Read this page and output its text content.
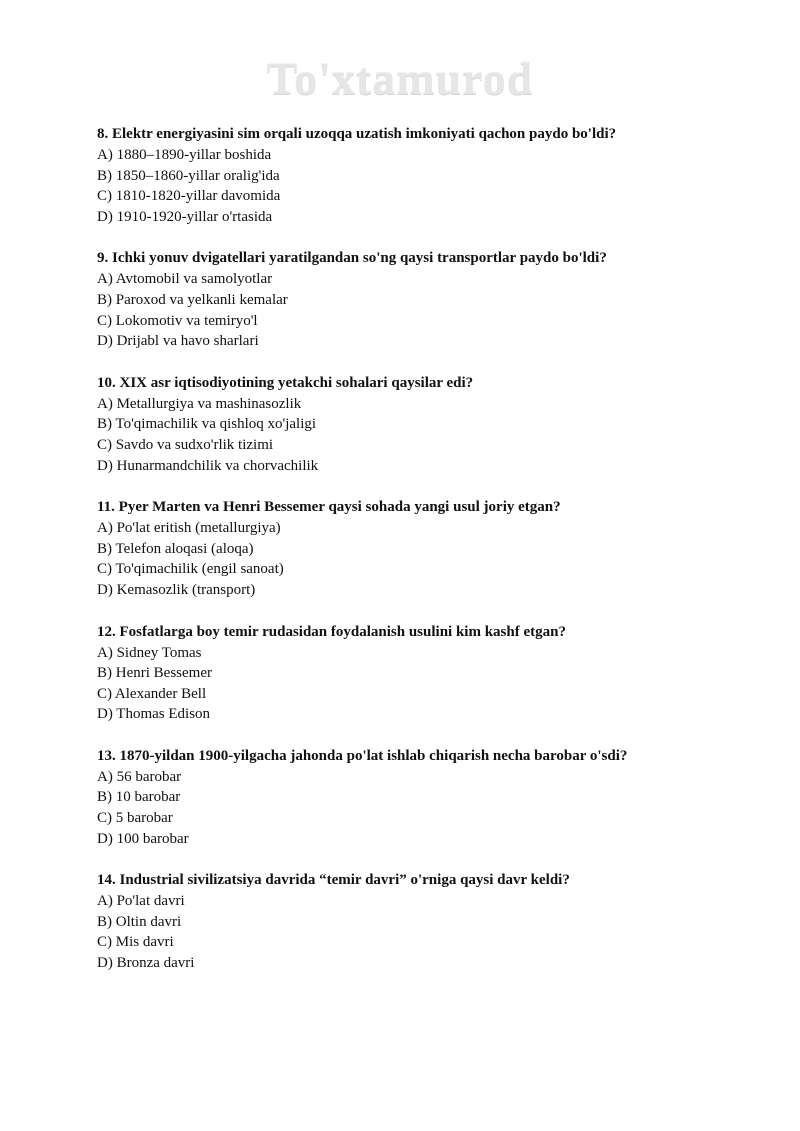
To'xtamurod
8. Elektr energiyasini sim orqali uzoqqa uzatish imkoniyati qachon paydo bo'ldi?
A) 1880–1890-yillar boshida
B) 1850–1860-yillar oralig'ida
C) 1810-1820-yillar davomida
D) 1910-1920-yillar o'rtasida
9. Ichki yonuv dvigatellari yaratilgandan so'ng qaysi transportlar paydo bo'ldi?
A) Avtomobil va samolyotlar
B) Paroxod va yelkanli kemalar
C) Lokomotiv va temiryo'l
D) Drijabl va havo sharlari
10. XIX asr iqtisodiyotining yetakchi sohalari qaysilar edi?
A) Metallurgiya va mashinasozlik
B) To'qimachilik va qishloq xo'jaligi
C) Savdo va sudxo'rlik tizimi
D) Hunarmandchilik va chorvachilik
11. Pyer Marten va Henri Bessemer qaysi sohada yangi usul joriy etgan?
A) Po'lat eritish (metallurgiya)
B) Telefon aloqasi (aloqa)
C) To'qimachilik (engil sanoat)
D) Kemasozlik (transport)
12. Fosfatlarga boy temir rudasidan foydalanish usulini kim kashf etgan?
A) Sidney Tomas
B) Henri Bessemer
C) Alexander Bell
D) Thomas Edison
13. 1870-yildan 1900-yilgacha jahonda po'lat ishlab chiqarish necha barobar o'sdi?
A) 56 barobar
B) 10 barobar
C) 5 barobar
D) 100 barobar
14. Industrial sivilizatsiya davrida “temir davri” o'rniga qaysi davr keldi?
A) Po'lat davri
B) Oltin davri
C) Mis davri
D) Bronza davri
